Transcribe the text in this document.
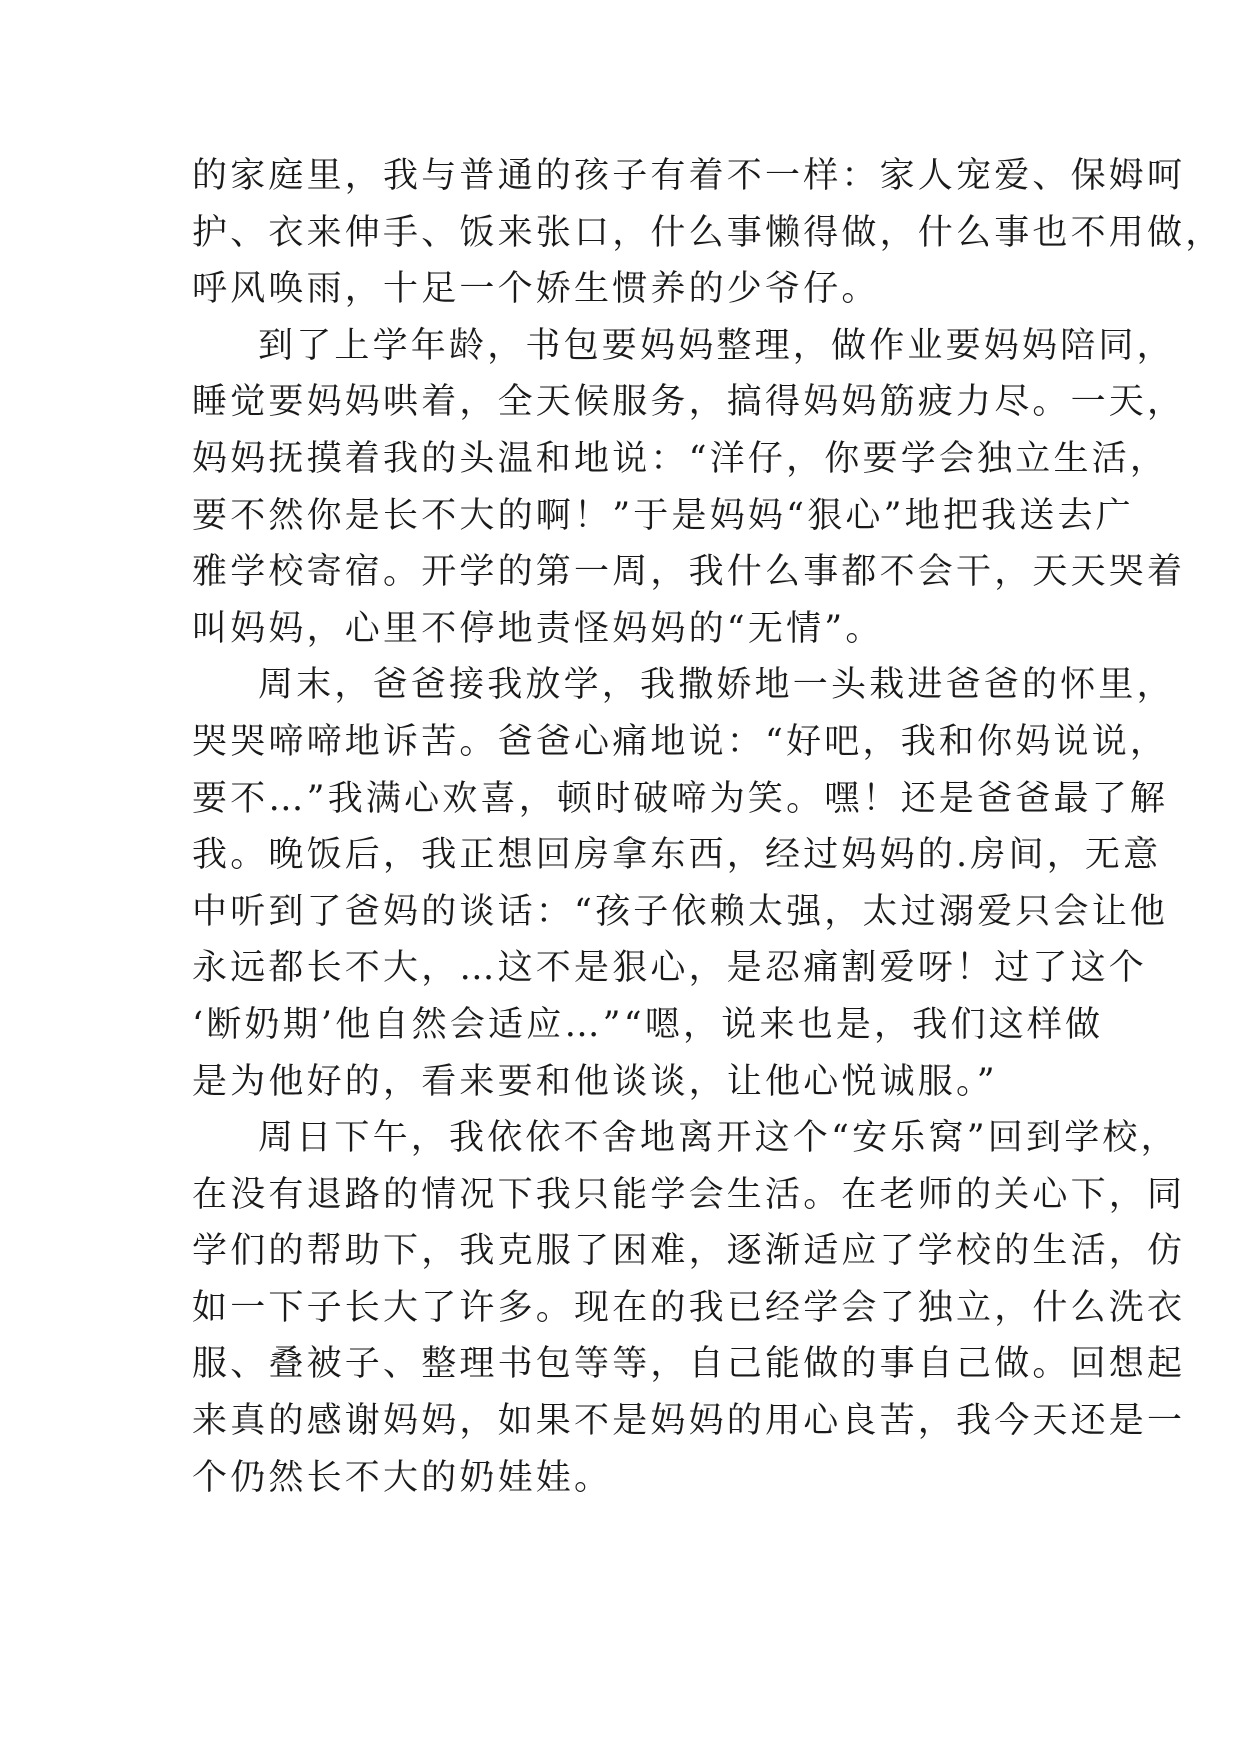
的家庭里，我与普通的孩子有着不一样：家人宠爱、保姆呵
护、衣来伸手、饭来张口，什么事懒得做，什么事也不用做，
呼风唤雨，十足一个娇生惯养的少爷仔。
到了上学年龄，书包要妈妈整理，做作业要妈妈陪同，
睡觉要妈妈哄着，全天候服务，搞得妈妈筋疲力尽。一天，
妈妈抚摸着我的头温和地说：“洋仔，你要学会独立生活，
要不然你是长不大的啊！”于是妈妈“狠心”地把我送去广
雅学校寄宿。开学的第一周，我什么事都不会干，天天哭着
叫妈妈，心里不停地责怪妈妈的“无情”。
周末，爸爸接我放学，我撒娇地一头栽进爸爸的怀里，
哭哭啼啼地诉苦。爸爸心痛地说：“好吧，我和你妈说说，
要不…”我满心欢喜，顿时破啼为笑。嘿！还是爸爸最了解
我。晚饭后，我正想回房拿东西，经过妈妈的.房间，无意
中听到了爸妈的谈话：“孩子依赖太强，太过溺爱只会让他
永远都长不大，…这不是狠心，是忍痛割爱呀！过了这个
‘断奶期’他自然会适应…”“嗯，说来也是，我们这样做
是为他好的，看来要和他谈谈，让他心悦诚服。”
周日下午，我依依不舍地离开这个“安乐窝”回到学校，
在没有退路的情况下我只能学会生活。在老师的关心下，同
学们的帮助下，我克服了困难，逐渐适应了学校的生活，仿
如一下子长大了许多。现在的我已经学会了独立，什么洗衣
服、叠被子、整理书包等等，自己能做的事自己做。回想起
来真的感谢妈妈，如果不是妈妈的用心良苦，我今天还是一
个仍然长不大的奶娃娃。
